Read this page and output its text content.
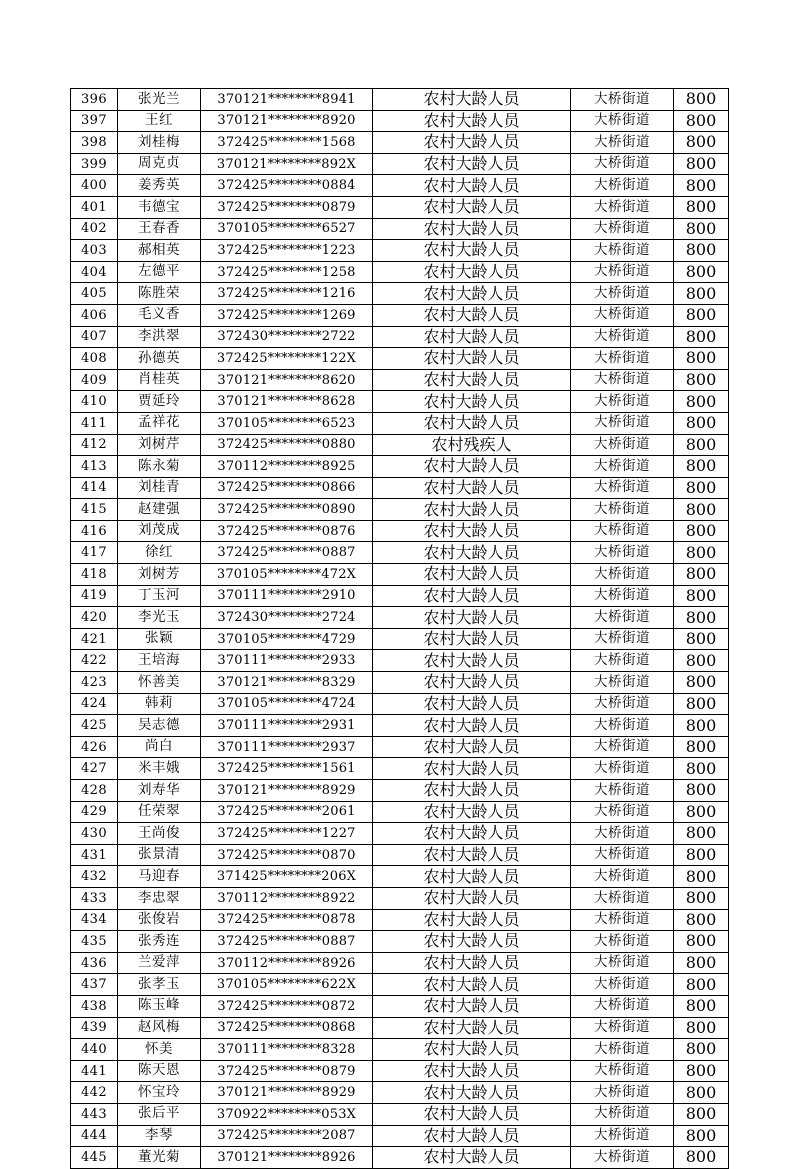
396	张光兰	370121********8941	农村大龄人员	大桥街道	800
397	王红	370121********8920	农村大龄人员	大桥街道	800
398	刘桂梅	372425********1568	农村大龄人员	大桥街道	800
399	周克贞	370121********892X	农村大龄人员	大桥街道	800
400	姜秀英	372425********0884	农村大龄人员	大桥街道	800
401	韦德宝	372425********0879	农村大龄人员	大桥街道	800
402	王春香	370105********6527	农村大龄人员	大桥街道	800
403	郝相英	372425********1223	农村大龄人员	大桥街道	800
404	左德平	372425********1258	农村大龄人员	大桥街道	800
405	陈胜荣	372425********1216	农村大龄人员	大桥街道	800
406	毛义香	372425********1269	农村大龄人员	大桥街道	800
407	李洪翠	372430********2722	农村大龄人员	大桥街道	800
408	孙德英	372425********122X	农村大龄人员	大桥街道	800
409	肖桂英	370121********8620	农村大龄人员	大桥街道	800
410	贾延玲	370121********8628	农村大龄人员	大桥街道	800
411	孟祥花	370105********6523	农村大龄人员	大桥街道	800
412	刘树芹	372425********0880	农村残疾人	大桥街道	800
413	陈永菊	370112********8925	农村大龄人员	大桥街道	800
414	刘桂青	372425********0866	农村大龄人员	大桥街道	800
415	赵建强	372425********0890	农村大龄人员	大桥街道	800
416	刘茂成	372425********0876	农村大龄人员	大桥街道	800
417	徐红	372425********0887	农村大龄人员	大桥街道	800
418	刘树芳	370105********472X	农村大龄人员	大桥街道	800
419	丁玉河	370111********2910	农村大龄人员	大桥街道	800
420	李光玉	372430********2724	农村大龄人员	大桥街道	800
421	张颖	370105********4729	农村大龄人员	大桥街道	800
422	王培海	370111********2933	农村大龄人员	大桥街道	800
423	怀善美	370121********8329	农村大龄人员	大桥街道	800
424	韩莉	370105********4724	农村大龄人员	大桥街道	800
425	吴志德	370111********2931	农村大龄人员	大桥街道	800
426	尚白	370111********2937	农村大龄人员	大桥街道	800
427	米丰娥	372425********1561	农村大龄人员	大桥街道	800
428	刘寿华	370121********8929	农村大龄人员	大桥街道	800
429	任荣翠	372425********2061	农村大龄人员	大桥街道	800
430	王尚俊	372425********1227	农村大龄人员	大桥街道	800
431	张景清	372425********0870	农村大龄人员	大桥街道	800
432	马迎春	371425********206X	农村大龄人员	大桥街道	800
433	李忠翠	370112********8922	农村大龄人员	大桥街道	800
434	张俊岩	372425********0878	农村大龄人员	大桥街道	800
435	张秀连	372425********0887	农村大龄人员	大桥街道	800
436	兰爱萍	370112********8926	农村大龄人员	大桥街道	800
437	张孝玉	370105********622X	农村大龄人员	大桥街道	800
438	陈玉峰	372425********0872	农村大龄人员	大桥街道	800
439	赵风梅	372425********0868	农村大龄人员	大桥街道	800
440	怀美	370111********8328	农村大龄人员	大桥街道	800
441	陈天恩	372425********0879	农村大龄人员	大桥街道	800
442	怀宝玲	370121********8929	农村大龄人员	大桥街道	800
443	张后平	370922********053X	农村大龄人员	大桥街道	800
444	李琴	372425********2087	农村大龄人员	大桥街道	800
445	董光菊	370121********8926	农村大龄人员	大桥街道	800
